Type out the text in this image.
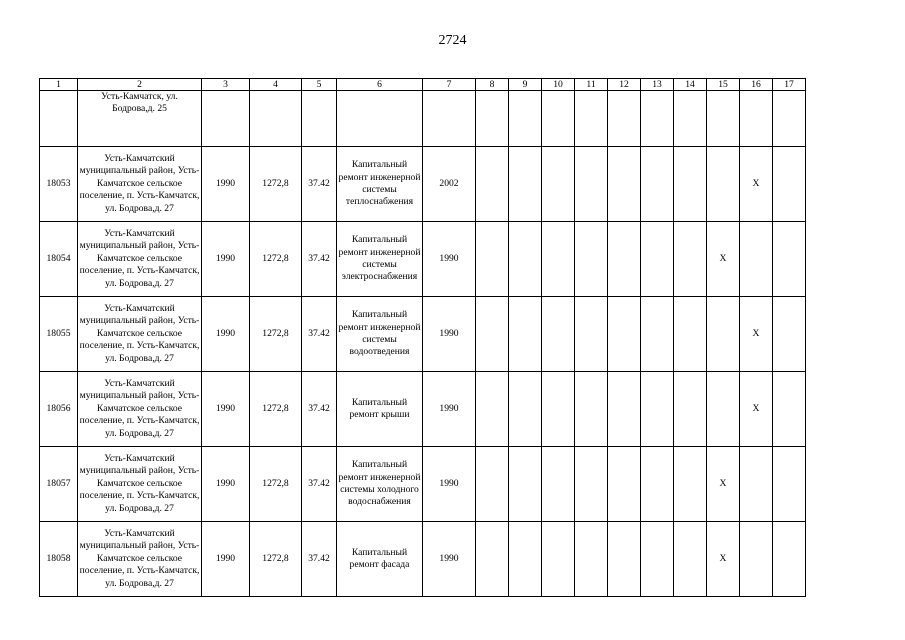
2724
1	2	3	4	5	6	7	8	9	10	11	12	13	14	15	16	17
	Усть-Камчатск, ул. Бодрова,д. 25															
18053	Усть-Камчатский муниципальный район, Усть-Камчатское сельское поселение, п. Усть-Камчатск, ул. Бодрова,д. 27	1990	1272,8	37.42	Капитальный ремонт инженерной системы теплоснабжения	2002									X	
18054	Усть-Камчатский муниципальный район, Усть-Камчатское сельское поселение, п. Усть-Камчатск, ул. Бодрова,д. 27	1990	1272,8	37.42	Капитальный ремонт инженерной системы электроснабжения	1990								X		
18055	Усть-Камчатский муниципальный район, Усть-Камчатское сельское поселение, п. Усть-Камчатск, ул. Бодрова,д. 27	1990	1272,8	37.42	Капитальный ремонт инженерной системы водоотведения	1990									X	
18056	Усть-Камчатский муниципальный район, Усть-Камчатское сельское поселение, п. Усть-Камчатск, ул. Бодрова,д. 27	1990	1272,8	37.42	Капитальный ремонт крыши	1990									X	
18057	Усть-Камчатский муниципальный район, Усть-Камчатское сельское поселение, п. Усть-Камчатск, ул. Бодрова,д. 27	1990	1272,8	37.42	Капитальный ремонт инженерной системы холодного водоснабжения	1990								X		
18058	Усть-Камчатский муниципальный район, Усть-Камчатское сельское поселение, п. Усть-Камчатск, ул. Бодрова,д. 27	1990	1272,8	37.42	Капитальный ремонт фасада	1990								X		
